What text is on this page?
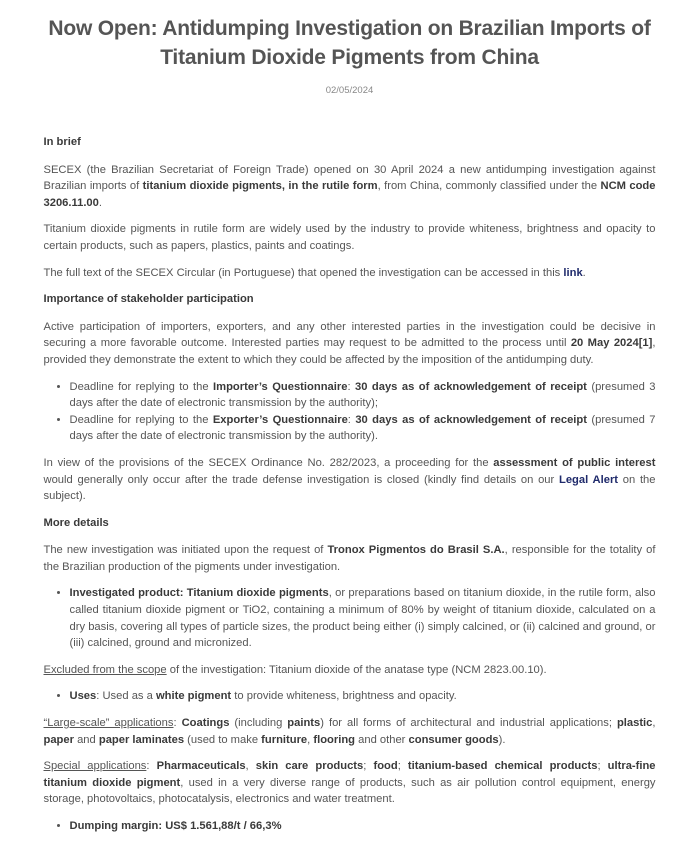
Now Open: Antidumping Investigation on Brazilian Imports of Titanium Dioxide Pigments from China
02/05/2024
In brief

SECEX (the Brazilian Secretariat of Foreign Trade) opened on 30 April 2024 a new antidumping investigation against Brazilian imports of titanium dioxide pigments, in the rutile form, from China, commonly classified under the NCM code 3206.11.00.

Titanium dioxide pigments in rutile form are widely used by the industry to provide whiteness, brightness and opacity to certain products, such as papers, plastics, paints and coatings.

The full text of the SECEX Circular (in Portuguese) that opened the investigation can be accessed in this link.

Importance of stakeholder participation

Active participation of importers, exporters, and any other interested parties in the investigation could be decisive in securing a more favorable outcome. Interested parties may request to be admitted to the process until 20 May 2024[1], provided they demonstrate the extent to which they could be affected by the imposition of the antidumping duty.

• Deadline for replying to the Importer’s Questionnaire: 30 days as of acknowledgement of receipt (presumed 3 days after the date of electronic transmission by the authority);
• Deadline for replying to the Exporter’s Questionnaire: 30 days as of acknowledgement of receipt (presumed 7 days after the date of electronic transmission by the authority).

In view of the provisions of the SECEX Ordinance No. 282/2023, a proceeding for the assessment of public interest would generally only occur after the trade defense investigation is closed (kindly find details on our Legal Alert on the subject).

More details

The new investigation was initiated upon the request of Tronox Pigmentos do Brasil S.A., responsible for the totality of the Brazilian production of the pigments under investigation.

• Investigated product: Titanium dioxide pigments, or preparations based on titanium dioxide, in the rutile form, also called titanium dioxide pigment or TiO2, containing a minimum of 80% by weight of titanium dioxide, calculated on a dry basis, covering all types of particle sizes, the product being either (i) simply calcined, or (ii) calcined and ground, or (iii) calcined, ground and micronized.

Excluded from the scope of the investigation: Titanium dioxide of the anatase type (NCM 2823.00.10).

• Uses: Used as a white pigment to provide whiteness, brightness and opacity.

“Large-scale” applications: Coatings (including paints) for all forms of architectural and industrial applications; plastic, paper and paper laminates (used to make furniture, flooring and other consumer goods).

Special applications: Pharmaceuticals, skin care products; food; titanium-based chemical products; ultra-fine titanium dioxide pigment, used in a very diverse range of products, such as air pollution control equipment, energy storage, photovoltaics, photocatalysis, electronics and water treatment.

• Dumping margin: US$ 1.561,88/t / 66,3%
